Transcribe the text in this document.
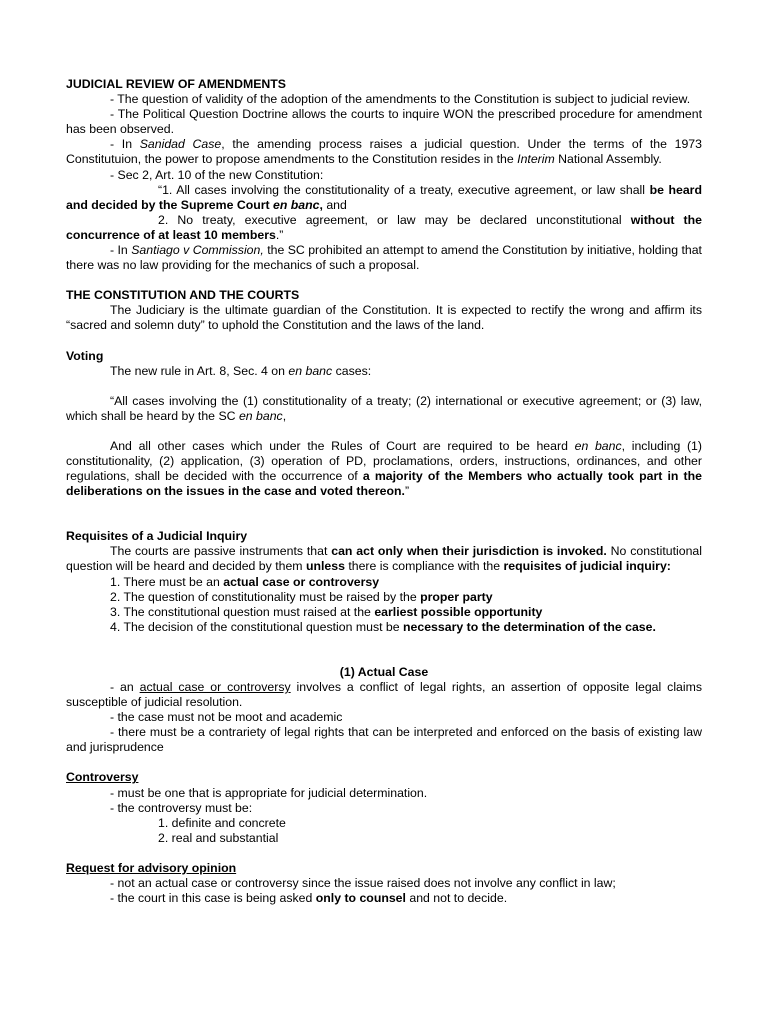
JUDICIAL REVIEW OF AMENDMENTS

- The question of validity of the adoption of the amendments to the Constitution is subject to judicial review.

- The Political Question Doctrine allows the courts to inquire WON the prescribed procedure for amendment has been observed.

- In Sanidad Case, the amending process raises a judicial question. Under the terms of the 1973 Constitutuion, the power to propose amendments to the Constitution resides in the Interim National Assembly.

- Sec 2, Art. 10 of the new Constitution:

“1. All cases involving the constitutionality of a treaty, executive agreement, or law shall be heard and decided by the Supreme Court en banc, and

2. No treaty, executive agreement, or law may be declared unconstitutional without the concurrence of at least 10 members.”

- In Santiago v Commission, the SC prohibited an attempt to amend the Constitution by initiative, holding that there was no law providing for the mechanics of such a proposal.

THE CONSTITUTION AND THE COURTS

The Judiciary is the ultimate guardian of the Constitution. It is expected to rectify the wrong and affirm its “sacred and solemn duty” to uphold the Constitution and the laws of the land.

Voting

The new rule in Art. 8, Sec. 4 on en banc cases:

“All cases involving the (1) constitutionality of a treaty; (2) international or executive agreement; or (3) law, which shall be heard by the SC en banc,

And all other cases which under the Rules of Court are required to be heard en banc, including (1) constitutionality, (2) application, (3) operation of PD, proclamations, orders, instructions, ordinances, and other regulations, shall be decided with the occurrence of a majority of the Members who actually took part in the deliberations on the issues in the case and voted thereon.”

Requisites of a Judicial Inquiry

The courts are passive instruments that can act only when their jurisdiction is invoked. No constitutional question will be heard and decided by them unless there is compliance with the requisites of judicial inquiry:

1. There must be an actual case or controversy

2. The question of constitutionality must be raised by the proper party

3. The constitutional question must raised at the earliest possible opportunity

4. The decision of the constitutional question must be necessary to the determination of the case.

(1) Actual Case

- an actual case or controversy involves a conflict of legal rights, an assertion of opposite legal claims susceptible of judicial resolution.

- the case must not be moot and academic

- there must be a contrariety of legal rights that can be interpreted and enforced on the basis of existing law and jurisprudence

Controversy

- must be one that is appropriate for judicial determination.

- the controversy must be:

1. definite and concrete

2. real and substantial

Request for advisory opinion

- not an actual case or controversy since the issue raised does not involve any conflict in law;

- the court in this case is being asked only to counsel and not to decide.
